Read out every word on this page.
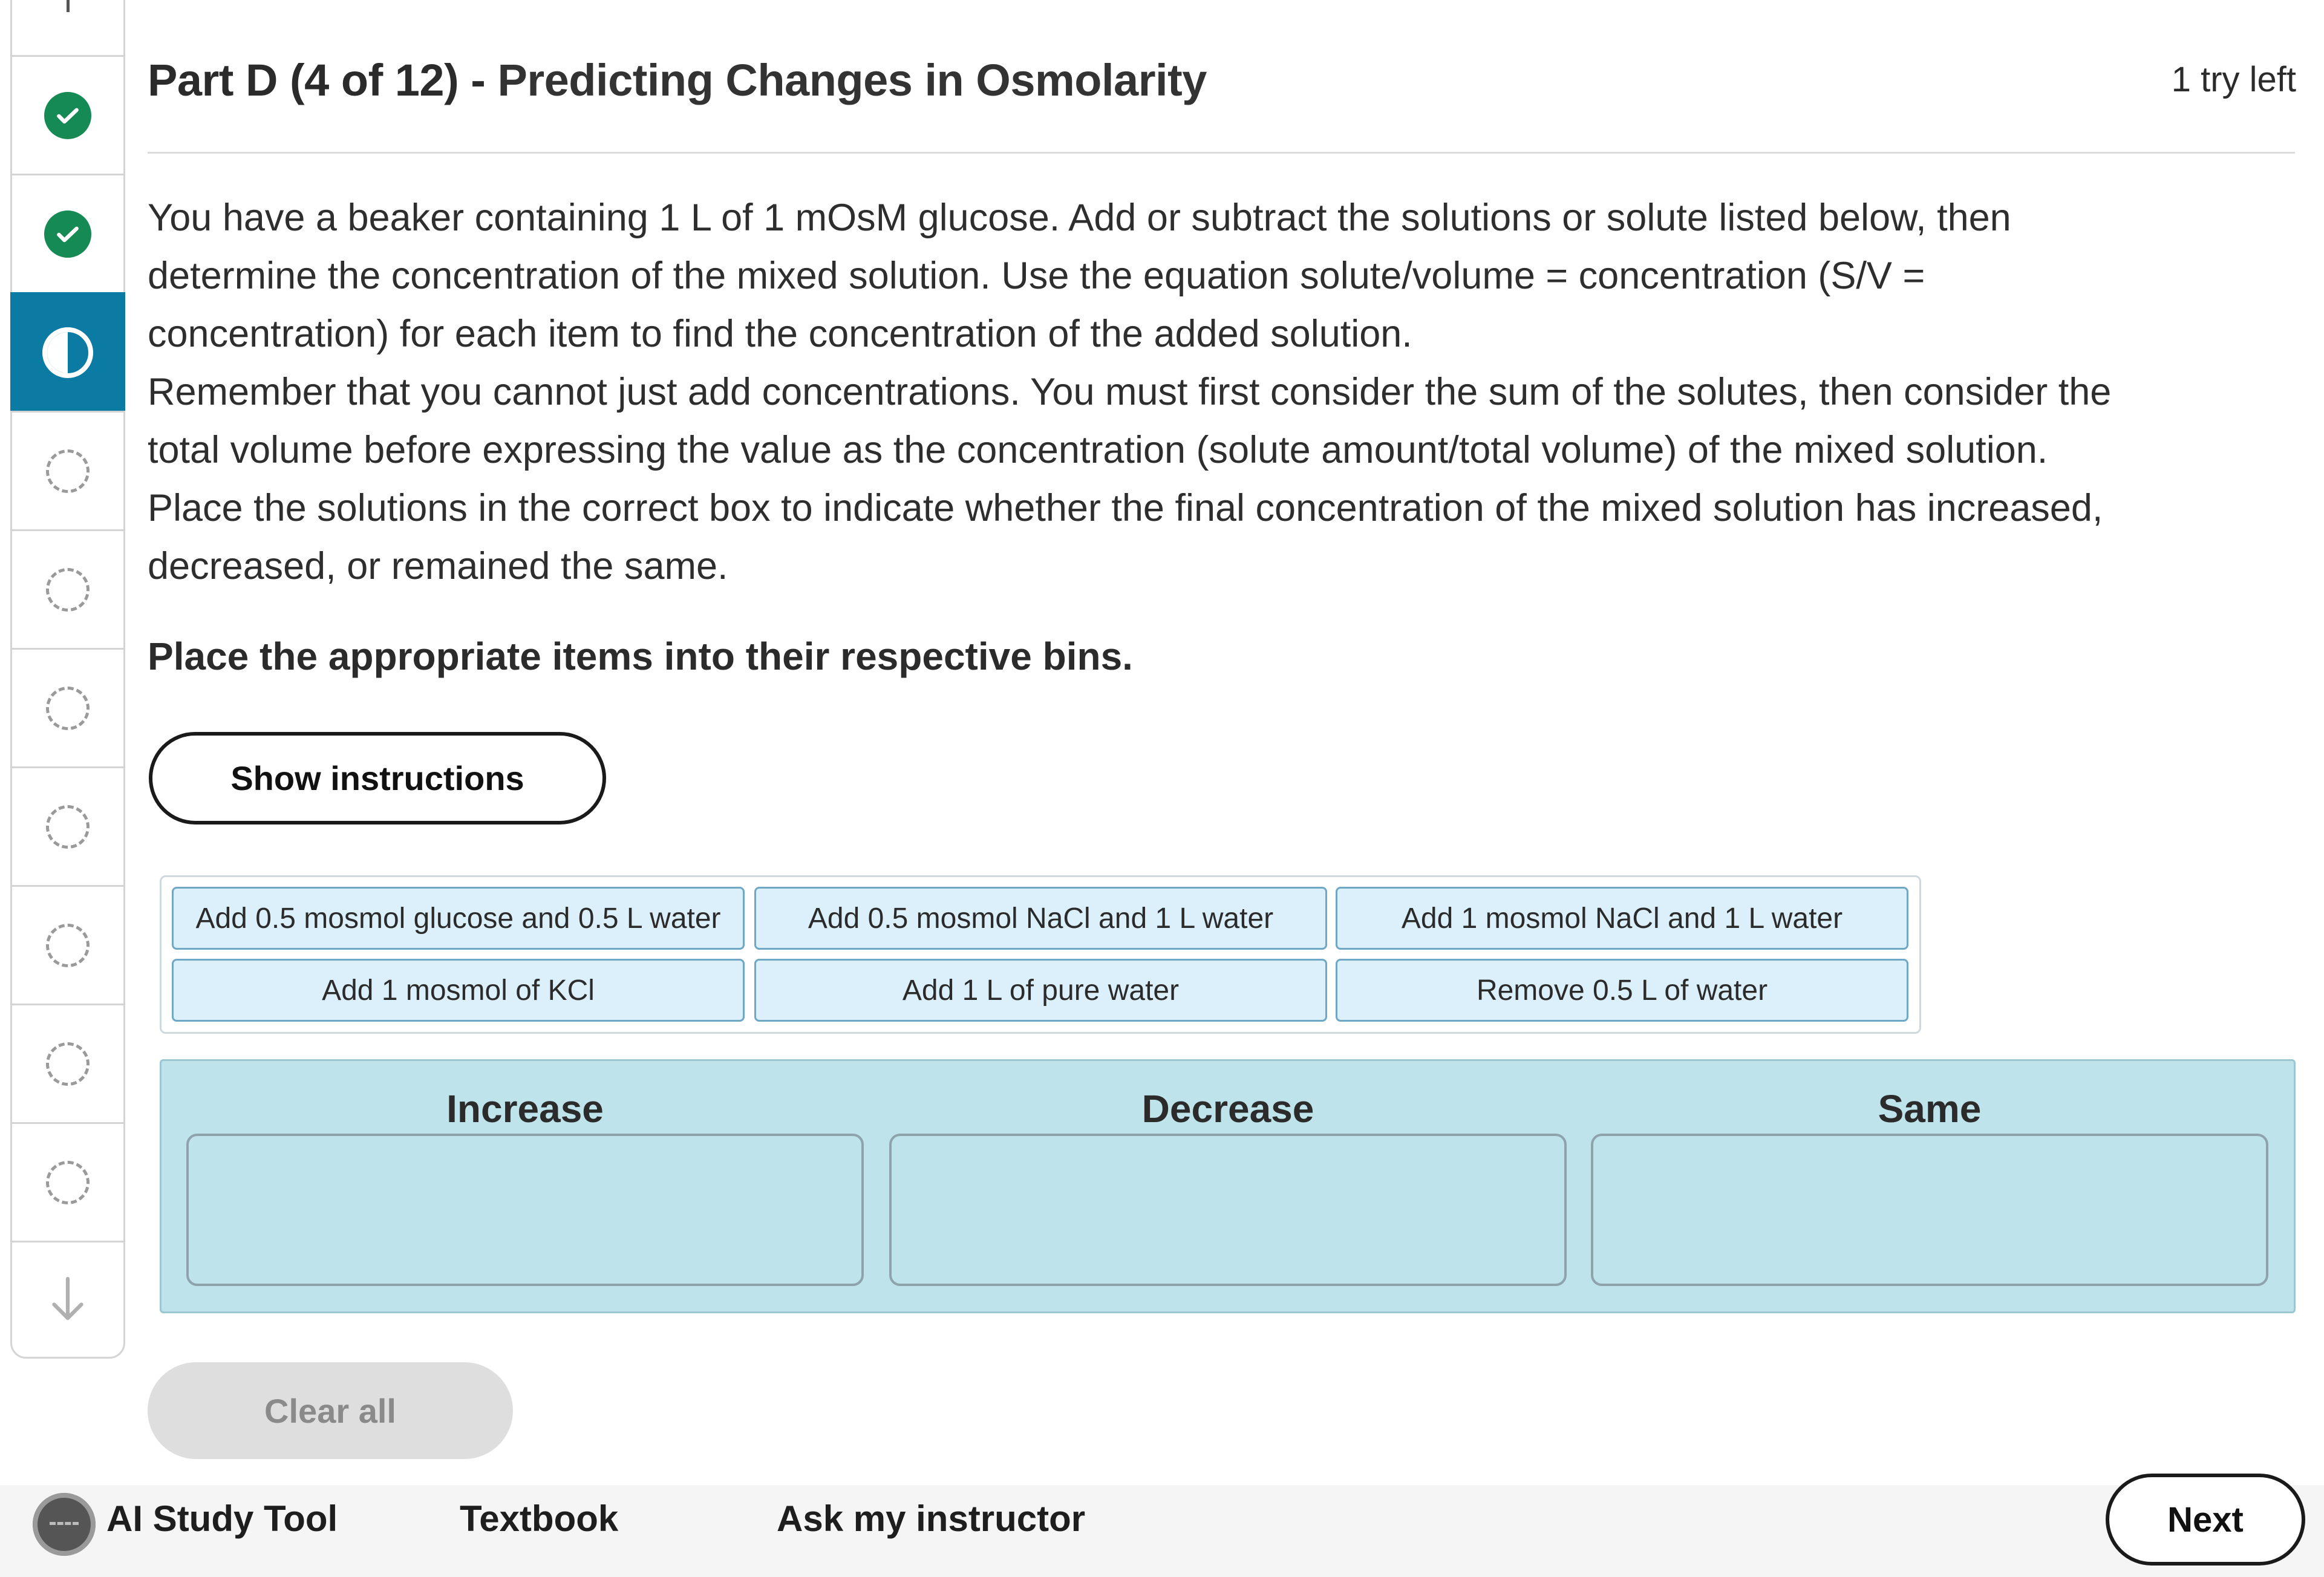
Part D (4 of 12) - Predicting Changes in Osmolarity	1 try left
You have a beaker containing 1 L of 1 mOsM glucose. Add or subtract the solutions or solute listed below, then
determine the concentration of the mixed solution. Use the equation solute/volume = concentration (S/V =
concentration) for each item to find the concentration of the added solution.
Remember that you cannot just add concentrations. You must first consider the sum of the solutes, then consider the
total volume before expressing the value as the concentration (solute amount/total volume) of the mixed solution.
Place the solutions in the correct box to indicate whether the final concentration of the mixed solution has increased,
decreased, or remained the same.
Place the appropriate items into their respective bins.
Show instructions
Add 0.5 mosmol glucose and 0.5 L water	Add 0.5 mosmol NaCl and 1 L water	Add 1 mosmol NaCl and 1 L water
Add 1 mosmol of KCl	Add 1 L of pure water	Remove 0.5 L of water
Increase	Decrease	Same
Clear all
AI Study Tool	Textbook	Ask my instructor	Next
